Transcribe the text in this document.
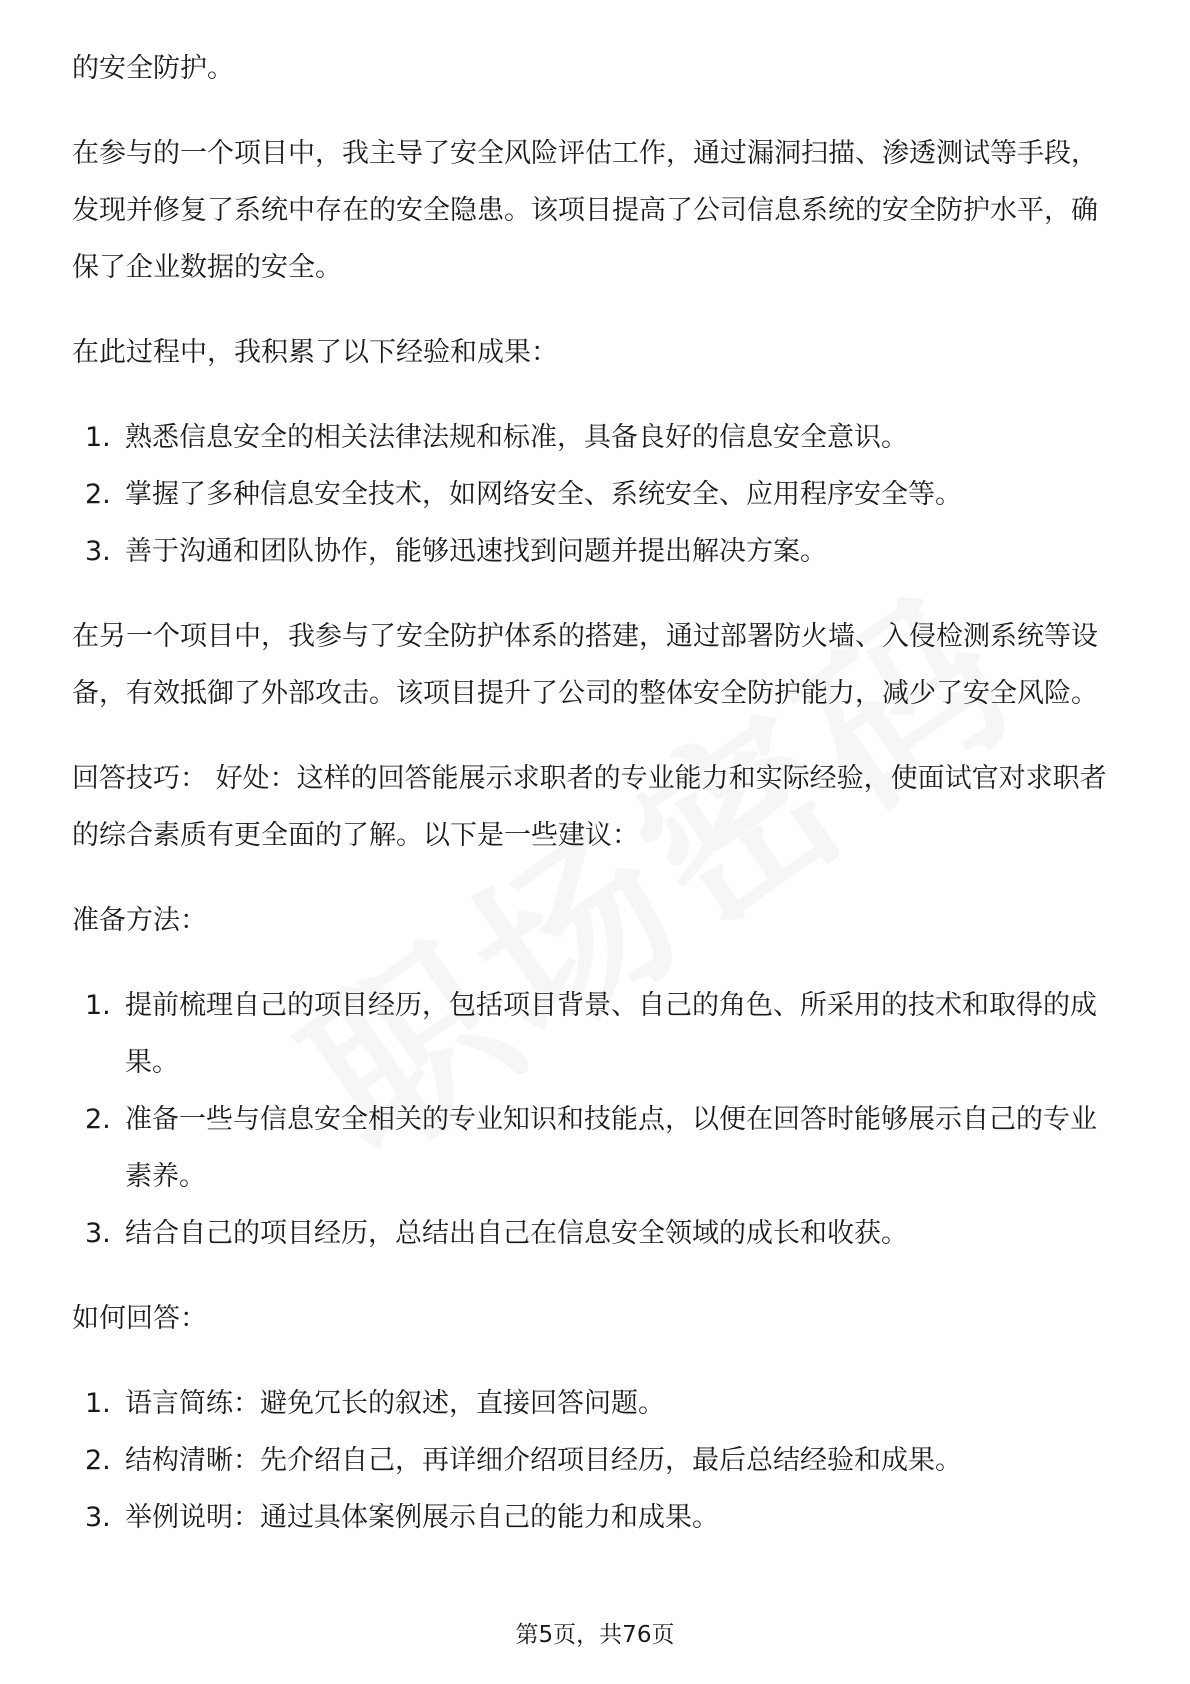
的安全防护。

在参与的一个项目中，我主导了安全风险评估工作，通过漏洞扫描、渗透测试等手段，发现并修复了系统中存在的安全隐患。该项目提高了公司信息系统的安全防护水平，确保了企业数据的安全。

在此过程中，我积累了以下经验和成果：

1. 熟悉信息安全的相关法律法规和标准，具备良好的信息安全意识。
2. 掌握了多种信息安全技术，如网络安全、系统安全、应用程序安全等。
3. 善于沟通和团队协作，能够迅速找到问题并提出解决方案。

在另一个项目中，我参与了安全防护体系的搭建，通过部署防火墙、入侵检测系统等设备，有效抵御了外部攻击。该项目提升了公司的整体安全防护能力，减少了安全风险。

回答技巧： 好处：这样的回答能展示求职者的专业能力和实际经验，使面试官对求职者的综合素质有更全面的了解。以下是一些建议：

准备方法：

1. 提前梳理自己的项目经历，包括项目背景、自己的角色、所采用的技术和取得的成果。
2. 准备一些与信息安全相关的专业知识和技能点，以便在回答时能够展示自己的专业素养。
3. 结合自己的项目经历，总结出自己在信息安全领域的成长和收获。

如何回答：

1. 语言简练：避免冗长的叙述，直接回答问题。
2. 结构清晰：先介绍自己，再详细介绍项目经历，最后总结经验和成果。
3. 举例说明：通过具体案例展示自己的能力和成果。
第5页，共76页
